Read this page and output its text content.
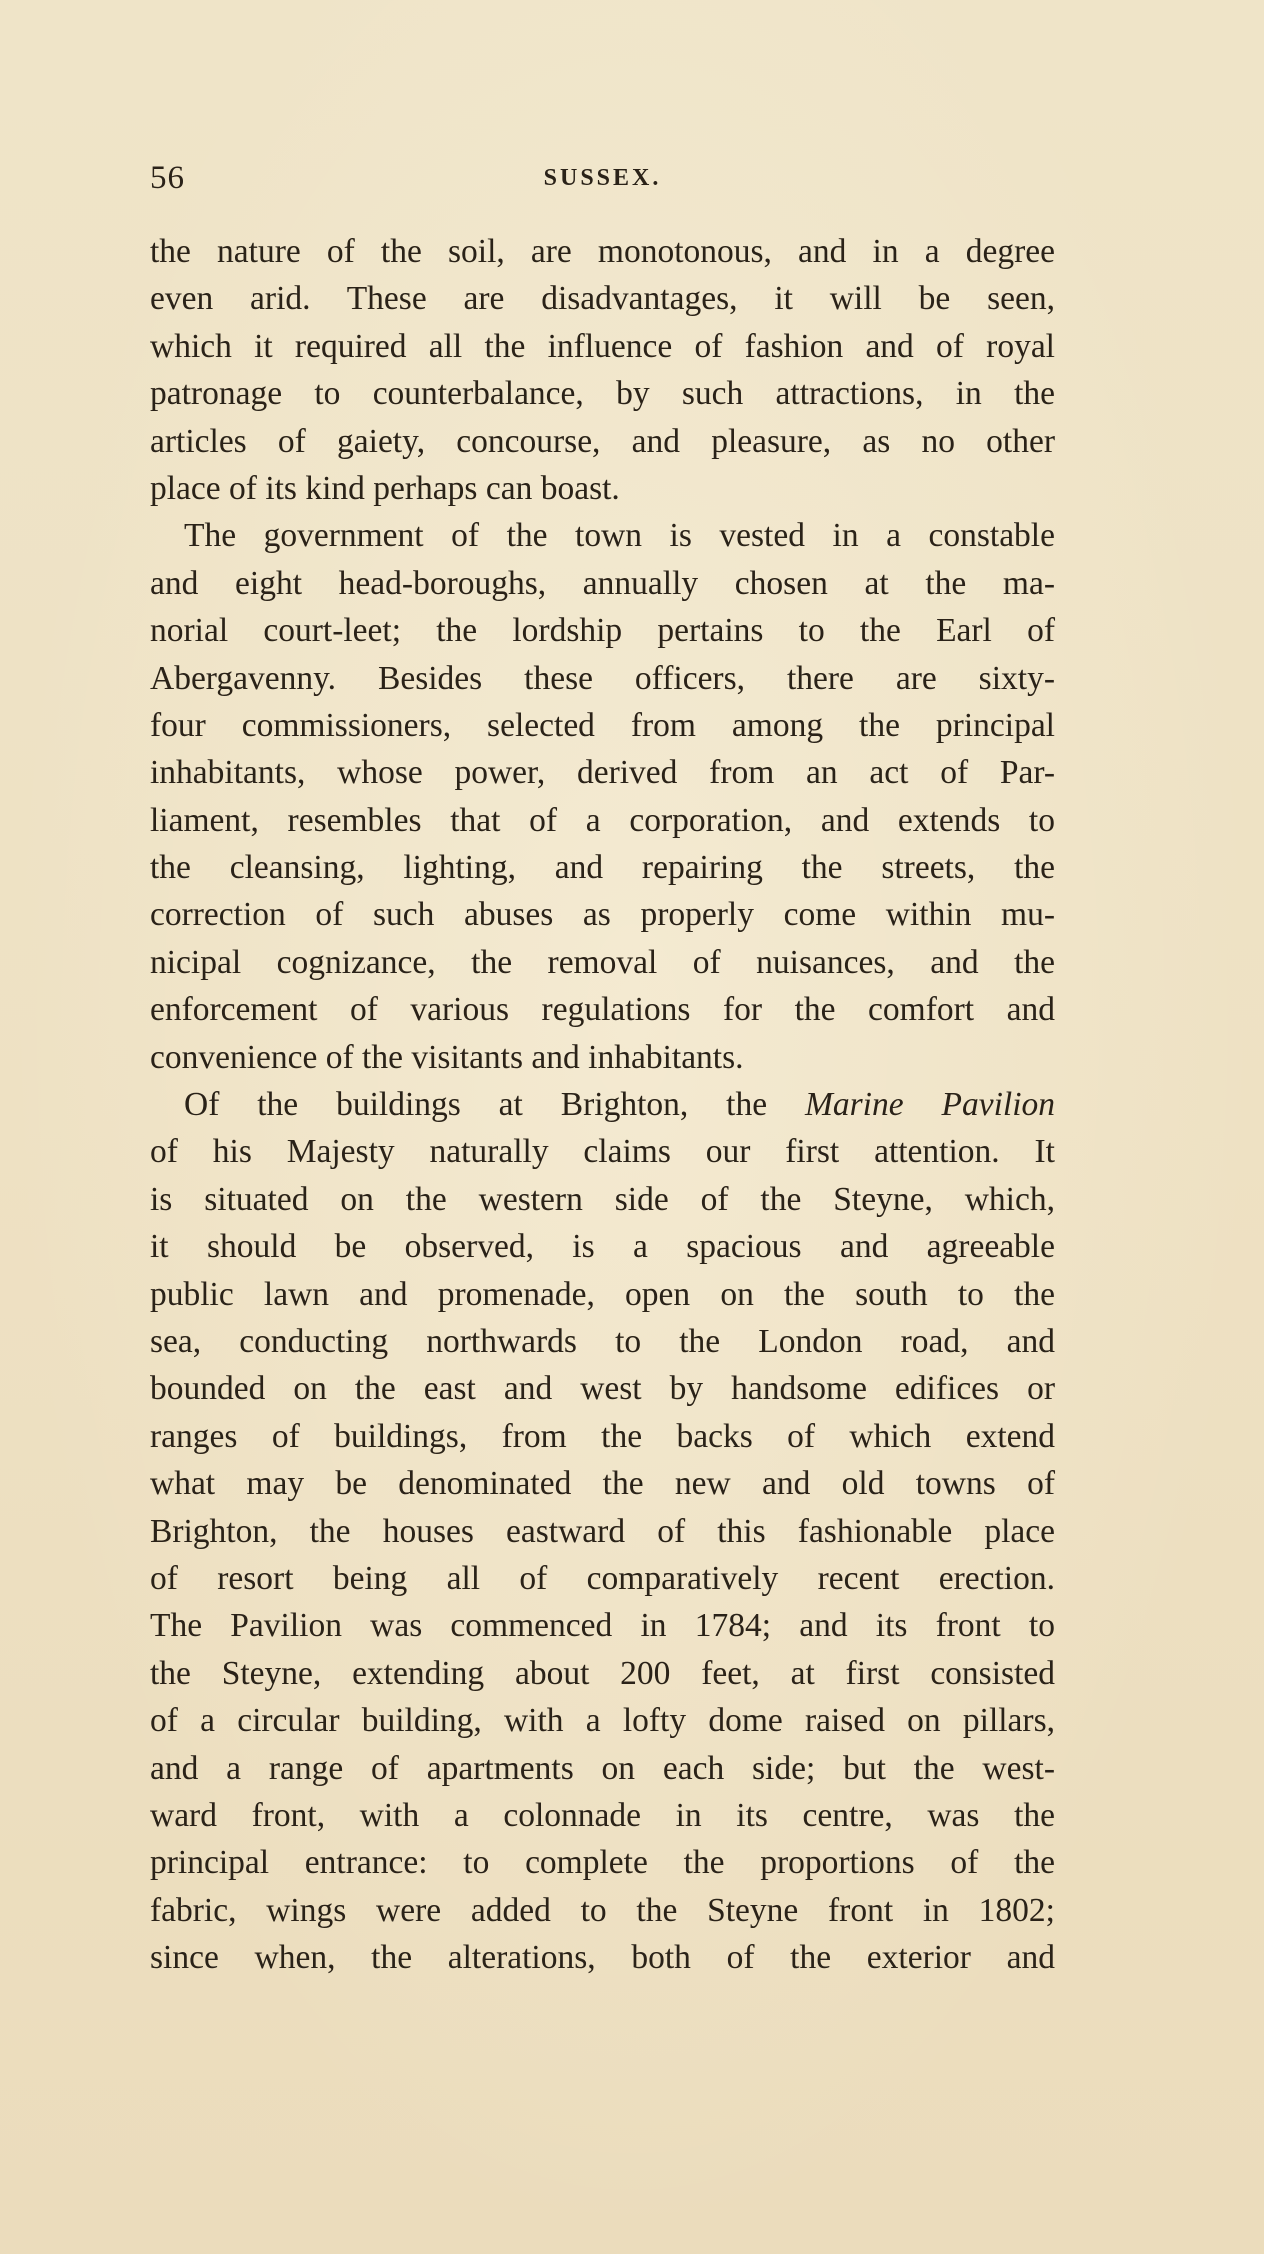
56	SUSSEX.
the nature of the soil, are monotonous, and in a degree
even arid. These are disadvantages, it will be seen,
which it required all the influence of fashion and of royal
patronage to counterbalance, by such attractions, in the
articles of gaiety, concourse, and pleasure, as no other
place of its kind perhaps can boast.
The government of the town is vested in a constable
and eight head-boroughs, annually chosen at the ma-
norial court-leet; the lordship pertains to the Earl of
Abergavenny. Besides these officers, there are sixty-
four commissioners, selected from among the principal
inhabitants, whose power, derived from an act of Par-
liament, resembles that of a corporation, and extends to
the cleansing, lighting, and repairing the streets, the
correction of such abuses as properly come within mu-
nicipal cognizance, the removal of nuisances, and the
enforcement of various regulations for the comfort and
convenience of the visitants and inhabitants.
Of the buildings at Brighton, the Marine Pavilion
of his Majesty naturally claims our first attention. It
is situated on the western side of the Steyne, which,
it should be observed, is a spacious and agreeable
public lawn and promenade, open on the south to the
sea, conducting northwards to the London road, and
bounded on the east and west by handsome edifices or
ranges of buildings, from the backs of which extend
what may be denominated the new and old towns of
Brighton, the houses eastward of this fashionable place
of resort being all of comparatively recent erection.
The Pavilion was commenced in 1784; and its front to
the Steyne, extending about 200 feet, at first consisted
of a circular building, with a lofty dome raised on pillars,
and a range of apartments on each side; but the west-
ward front, with a colonnade in its centre, was the
principal entrance: to complete the proportions of the
fabric, wings were added to the Steyne front in 1802;
since when, the alterations, both of the exterior and
